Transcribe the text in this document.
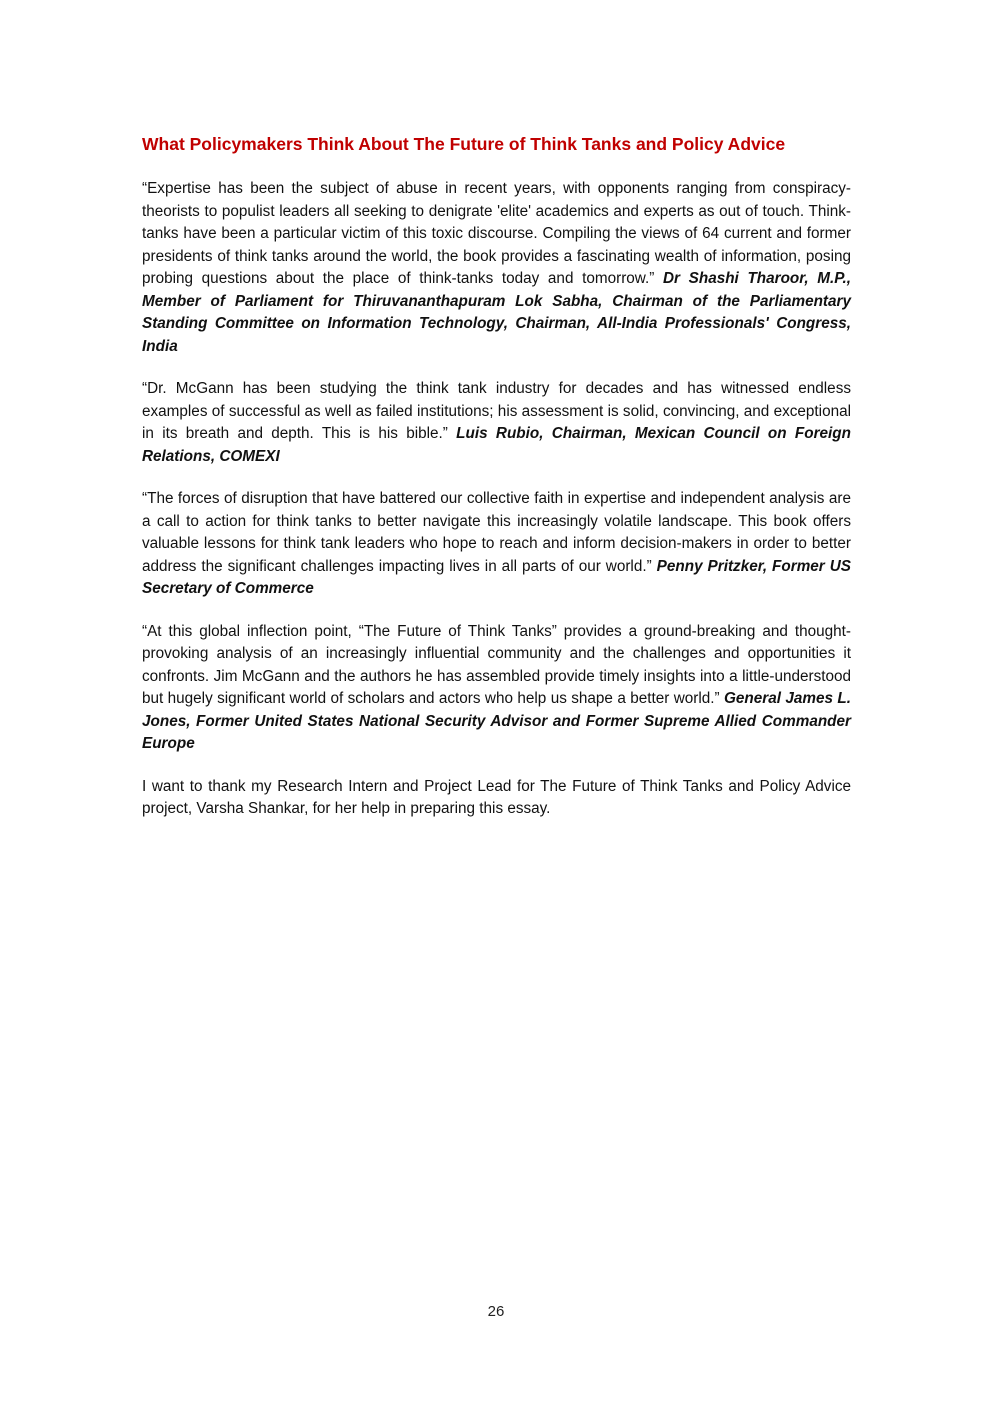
What Policymakers Think About The Future of Think Tanks and Policy Advice

“Expertise has been the subject of abuse in recent years, with opponents ranging from conspiracy-theorists to populist leaders all seeking to denigrate 'elite' academics and experts as out of touch. Think-tanks have been a particular victim of this toxic discourse. Compiling the views of 64 current and former presidents of think tanks around the world, the book provides a fascinating wealth of information, posing probing questions about the place of think-tanks today and tomorrow.” Dr Shashi Tharoor, M.P., Member of Parliament for Thiruvananthapuram Lok Sabha, Chairman of the Parliamentary Standing Committee on Information Technology, Chairman, All-India Professionals' Congress, India

“Dr. McGann has been studying the think tank industry for decades and has witnessed endless examples of successful as well as failed institutions; his assessment is solid, convincing, and exceptional in its breath and depth. This is his bible.” Luis Rubio, Chairman, Mexican Council on Foreign Relations, COMEXI

“The forces of disruption that have battered our collective faith in expertise and independent analysis are a call to action for think tanks to better navigate this increasingly volatile landscape. This book offers valuable lessons for think tank leaders who hope to reach and inform decision-makers in order to better address the significant challenges impacting lives in all parts of our world.” Penny Pritzker, Former US Secretary of Commerce

“At this global inflection point, “The Future of Think Tanks” provides a ground-breaking and thought-provoking analysis of an increasingly influential community and the challenges and opportunities it confronts. Jim McGann and the authors he has assembled provide timely insights into a little-understood but hugely significant world of scholars and actors who help us shape a better world.” General James L. Jones, Former United States National Security Advisor and Former Supreme Allied Commander Europe

I want to thank my Research Intern and Project Lead for The Future of Think Tanks and Policy Advice project, Varsha Shankar, for her help in preparing this essay.

26
